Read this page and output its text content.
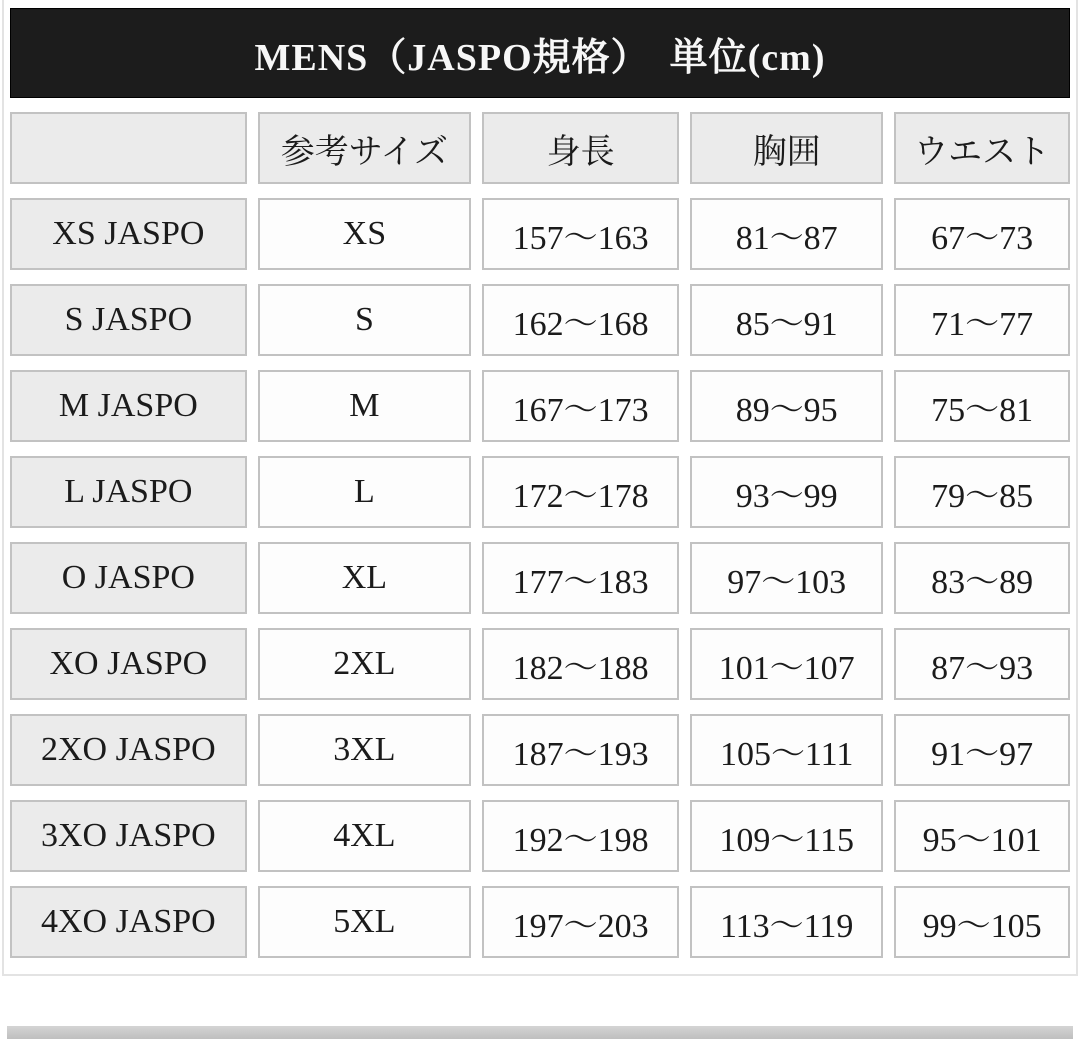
MENS（JASPO規格）　単位(cm)
	参考サイズ	身長	胸囲	ウエスト
XS JASPO	XS	157〜163	81〜87	67〜73
S JASPO	S	162〜168	85〜91	71〜77
M JASPO	M	167〜173	89〜95	75〜81
L JASPO	L	172〜178	93〜99	79〜85
O JASPO	XL	177〜183	97〜103	83〜89
XO JASPO	2XL	182〜188	101〜107	87〜93
2XO JASPO	3XL	187〜193	105〜111	91〜97
3XO JASPO	4XL	192〜198	109〜115	95〜101
4XO JASPO	5XL	197〜203	113〜119	99〜105
